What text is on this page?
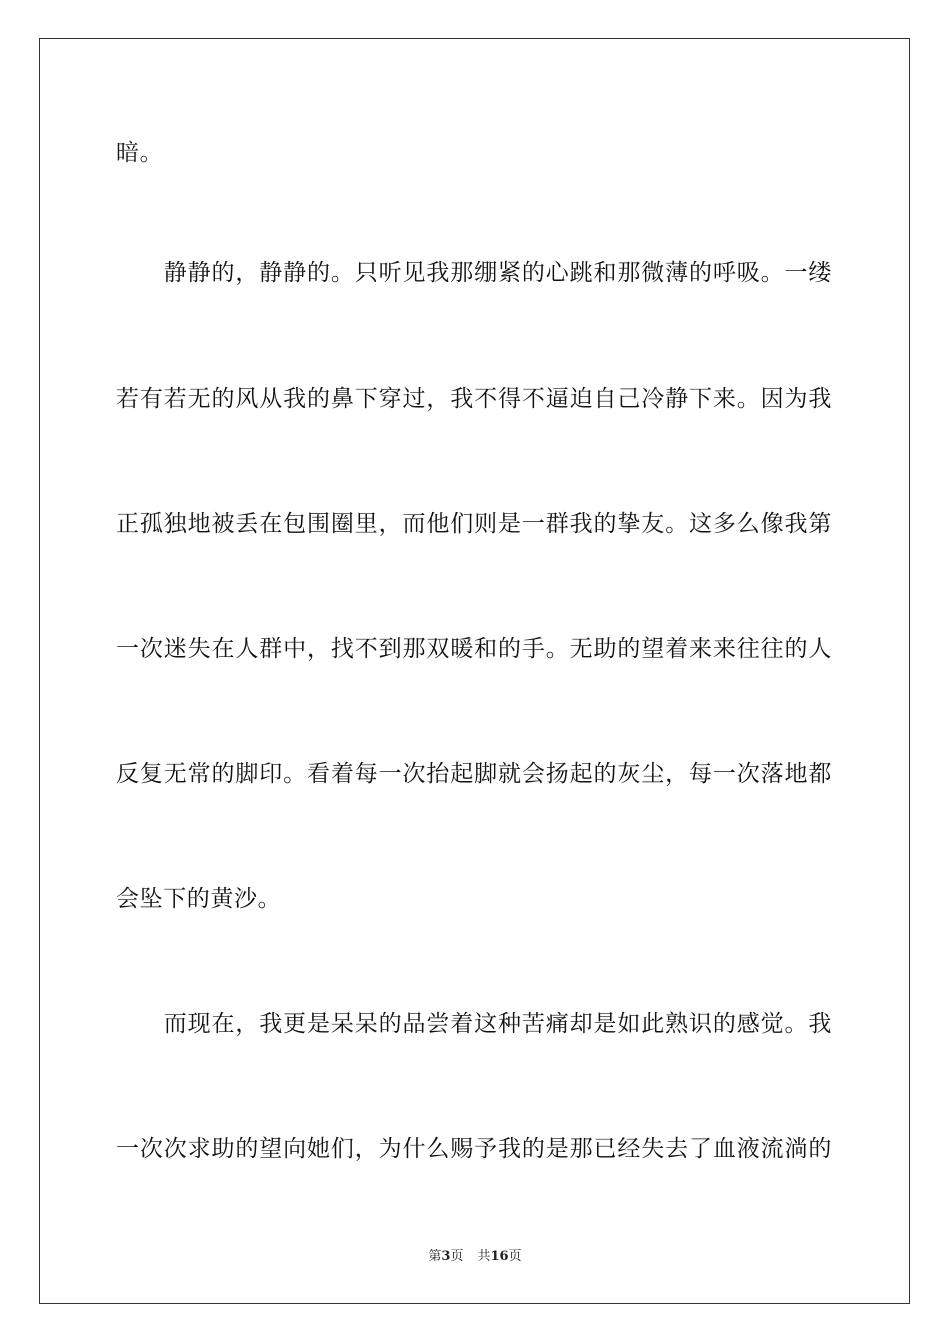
暗。
　　静静的，静静的。只听见我那绷紧的心跳和那微薄的呼吸。一缕
若有若无的风从我的鼻下穿过，我不得不逼迫自己冷静下来。因为我
正孤独地被丢在包围圈里，而他们则是一群我的挚友。这多么像我第
一次迷失在人群中，找不到那双暖和的手。无助的望着来来往往的人
反复无常的脚印。看着每一次抬起脚就会扬起的灰尘，每一次落地都
会坠下的黄沙。
　　而现在，我更是呆呆的品尝着这种苦痛却是如此熟识的感觉。我
一次次求助的望向她们，为什么赐予我的是那已经失去了血液流淌的
第3页 共16页
